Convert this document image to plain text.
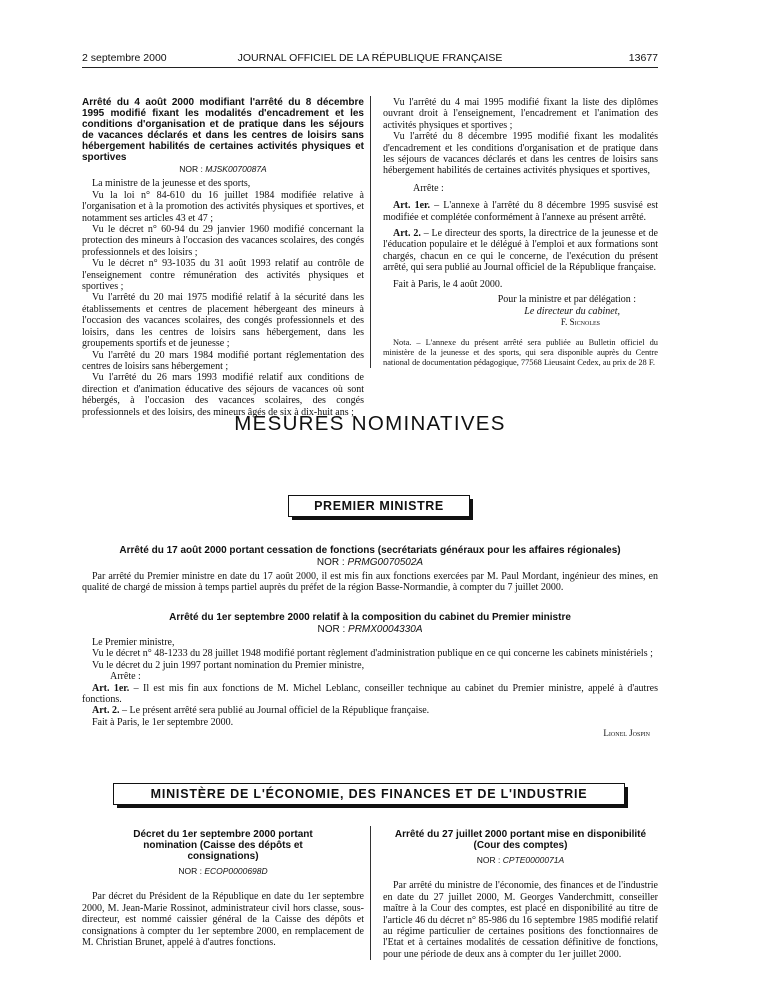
2 septembre 2000	JOURNAL OFFICIEL DE LA RÉPUBLIQUE FRANÇAISE	13677
Arrêté du 4 août 2000 modifiant l'arrêté du 8 décembre 1995 modifié fixant les modalités d'encadrement et les conditions d'organisation et de pratique dans les séjours de vacances déclarés et dans les centres de loisirs sans hébergement habilités de certaines activités physiques et sportives
NOR : MJSK0070087A

La ministre de la jeunesse et des sports,

Vu la loi n° 84-610 du 16 juillet 1984 modifiée relative à l'organisation et à la promotion des activités physiques et sportives, et notamment ses articles 43 et 47 ;

Vu le décret n° 60-94 du 29 janvier 1960 modifié concernant la protection des mineurs à l'occasion des vacances scolaires, des congés professionnels et des loisirs ;

Vu le décret n° 93-1035 du 31 août 1993 relatif au contrôle de l'enseignement contre rémunération des activités physiques et sportives ;

Vu l'arrêté du 20 mai 1975 modifié relatif à la sécurité dans les établissements et centres de placement hébergeant des mineurs à l'occasion des vacances scolaires, des congés professionnels et des loisirs, dans les centres de loisirs sans hébergement, dans les groupements sportifs et de jeunesse ;

Vu l'arrêté du 20 mars 1984 modifié portant réglementation des centres de loisirs sans hébergement ;

Vu l'arrêté du 26 mars 1993 modifié relatif aux conditions de direction et d'animation éducative des séjours de vacances où sont hébergés, à l'occasion des vacances scolaires, des congés professionnels et des loisirs, des mineurs âgés de six à dix-huit ans ;

Vu l'arrêté du 4 mai 1995 modifié fixant la liste des diplômes ouvrant droit à l'enseignement, l'encadrement et l'animation des activités physiques et sportives ;

Vu l'arrêté du 8 décembre 1995 modifié fixant les modalités d'encadrement et les conditions d'organisation et de pratique dans les séjours de vacances déclarés et dans les centres de loisirs sans hébergement habilités de certaines activités physiques et sportives,

Arrête :

Art. 1er. – L'annexe à l'arrêté du 8 décembre 1995 susvisé est modifiée et complétée conformément à l'annexe au présent arrêté.

Art. 2. – Le directeur des sports, la directrice de la jeunesse et de l'éducation populaire et le délégué à l'emploi et aux formations sont chargés, chacun en ce qui le concerne, de l'exécution du présent arrêté, qui sera publié au Journal officiel de la République française.

Fait à Paris, le 4 août 2000.

Pour la ministre et par délégation :
Le directeur du cabinet,
F. Sicnoles

Nota. – L'annexe du présent arrêté sera publiée au Bulletin officiel du ministère de la jeunesse et des sports, qui sera disponible auprès du Centre national de documentation pédagogique, 77568 Lieusaint Cedex, au prix de 28 F.

MESURES NOMINATIVES
PREMIER MINISTRE
Arrêté du 17 août 2000 portant cessation de fonctions (secrétariats généraux pour les affaires régionales)
NOR : PRMG0070502A

Par arrêté du Premier ministre en date du 17 août 2000, il est mis fin aux fonctions exercées par M. Paul Mordant, ingénieur des mines, en qualité de chargé de mission à temps partiel auprès du préfet de la région Basse-Normandie, à compter du 7 juillet 2000.

Arrêté du 1er septembre 2000 relatif à la composition du cabinet du Premier ministre
NOR : PRMX0004330A

Le Premier ministre,

Vu le décret n° 48-1233 du 28 juillet 1948 modifié portant règlement d'administration publique en ce qui concerne les cabinets ministériels ;

Vu le décret du 2 juin 1997 portant nomination du Premier ministre,

Arrête :

Art. 1er. – Il est mis fin aux fonctions de M. Michel Leblanc, conseiller technique au cabinet du Premier ministre, appelé à d'autres fonctions.

Art. 2. – Le présent arrêté sera publié au Journal officiel de la République française.

Fait à Paris, le 1er septembre 2000.

Lionel Jospin
MINISTÈRE DE L'ÉCONOMIE, DES FINANCES ET DE L'INDUSTRIE
Décret du 1er septembre 2000 portant nomination (Caisse des dépôts et consignations)
NOR : ECOP0000698D

Par décret du Président de la République en date du 1er septembre 2000, M. Jean-Marie Rossinot, administrateur civil hors classe, sous-directeur, est nommé caissier général de la Caisse des dépôts et consignations à compter du 1er septembre 2000, en remplacement de M. Christian Brunet, appelé à d'autres fonctions.

Arrêté du 27 juillet 2000 portant mise en disponibilité (Cour des comptes)
NOR : CPTE0000071A

Par arrêté du ministre de l'économie, des finances et de l'industrie en date du 27 juillet 2000, M. Georges Vanderchmitt, conseiller maître à la Cour des comptes, est placé en disponibilité au titre de l'article 46 du décret n° 85-986 du 16 septembre 1985 modifié relatif au régime particulier de certaines positions des fonctionnaires de l'Etat et à certaines modalités de cessation définitive de fonctions, pour une période de deux ans à compter du 1er juillet 2000.
